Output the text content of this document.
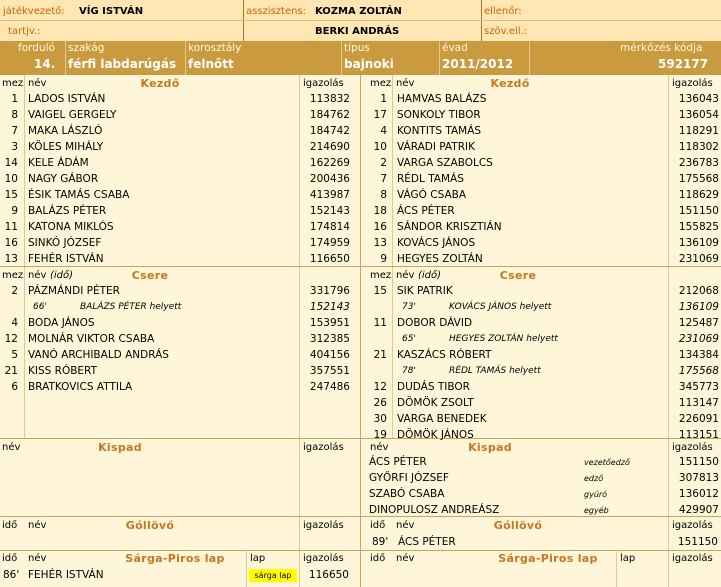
játékvezető: VÍG ISTVÁN	asszisztens: KOZMA ZOLTÁN	ellenőr:
tartjv.:	BERKI ANDRÁS	szöv.ell.:
forduló
14.
szakág
férfi labdarúgás
korosztály
felnőtt
típus
bajnoki
évad
2011/2012
mérkőzés kódja
592177
mez név	Kezdő	igazolás	mez név	Kezdő	igazolás
1 LADOS ISTVÁN	113832
8 VAIGEL GERGELY	184762
7 MAKA LÁSZLÓ	184742
3 KÖLES MIHÁLY	214690
14 KELE ÁDÁM	162269
10 NAGY GÁBOR	200436
15 ÉSIK TAMÁS CSABA	413987
9 BALÁZS PÉTER	152143
11 KATONA MIKLÓS	174814
16 SINKÓ JÓZSEF	174959
13 FEHÉR ISTVÁN	116650
1 HAMVAS BALÁZS	136043
17 SONKOLY TIBOR	136054
4 KONTITS TAMÁS	118291
10 VÁRADI PATRIK	118302
2 VARGA SZABOLCS	236783
7 RÉDL TAMÁS	175568
8 VÁGÓ CSABA	118629
18 ÁCS PÉTER	151150
16 SÁNDOR KRISZTIÁN	155825
13 KOVÁCS JÁNOS	136109
9 HEGYES ZOLTÁN	231069
mez név (idő)	Csere	mez név (idő)	Csere
2 PÁZMÁNDI PÉTER	331796
66'	BALÁZS PÉTER helyett	152143
4 BODA JÁNOS	153951
12 MOLNÁR VIKTOR CSABA	312385
5 VANÓ ARCHIBALD ANDRÁS	404156
21 KISS RÓBERT	357551
6 BRATKOVICS ATTILA	247486
15 SIK PATRIK	212068
73'	KOVÁCS JÁNOS helyett	136109
11 DOBOR DÁVID	125487
65'	HEGYES ZOLTÁN helyett	231069
21 KASZÁCS RÓBERT	134384
78'	RÉDL TAMÁS helyett	175568
12 DUDÁS TIBOR	345773
26 DÖMÖK ZSOLT	113147
30 VARGA BENEDEK	226091
19 DÖMÖK JÁNOS	113151
név	Kispad	igazolás	név	Kispad	igazolás
ÁCS PÉTER	vezetőedző	151150
GYŐRFI JÓZSEF	edző	307813
SZABÓ CSABA	gyúró	136012
DINOPULOSZ ANDREÁSZ	egyéb	429907
idő név	Góllövő	igazolás	idő név	Góllövő	igazolás
89' ÁCS PÉTER	151150
idő név	Sárga-Piros lap	lap	igazolás	idő név	Sárga-Piros lap	lap	igazolás
86' FEHÉR ISTVÁN	sárga lap	116650
